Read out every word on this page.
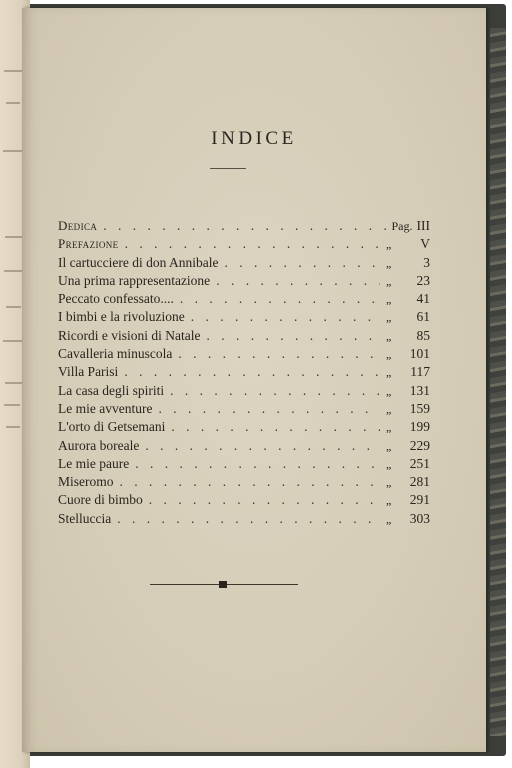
INDICE
Dedica . . .	Pag. III
Prefazione . . .	„	V
Il cartucciere di don Annibale . . .	„	3
Una prima rappresentazione . . .	„	23
Peccato confessato.... . . .	„	41
I bimbi e la rivoluzione . . .	„	61
Ricordi e visioni di Natale . . .	„	85
Cavalleria minuscola . . .	„	101
Villa Parisi . . .	„	117
La casa degli spiriti . . .	„	131
Le mie avventure . . .	„	159
L'orto di Getsemani . . .	„	199
Aurora boreale . . .	„	229
Le mie paure . . .	„	251
Miseromo . . .	„	281
Cuore di bimbo . . .	„	291
Stelluccia . . .	„	303
